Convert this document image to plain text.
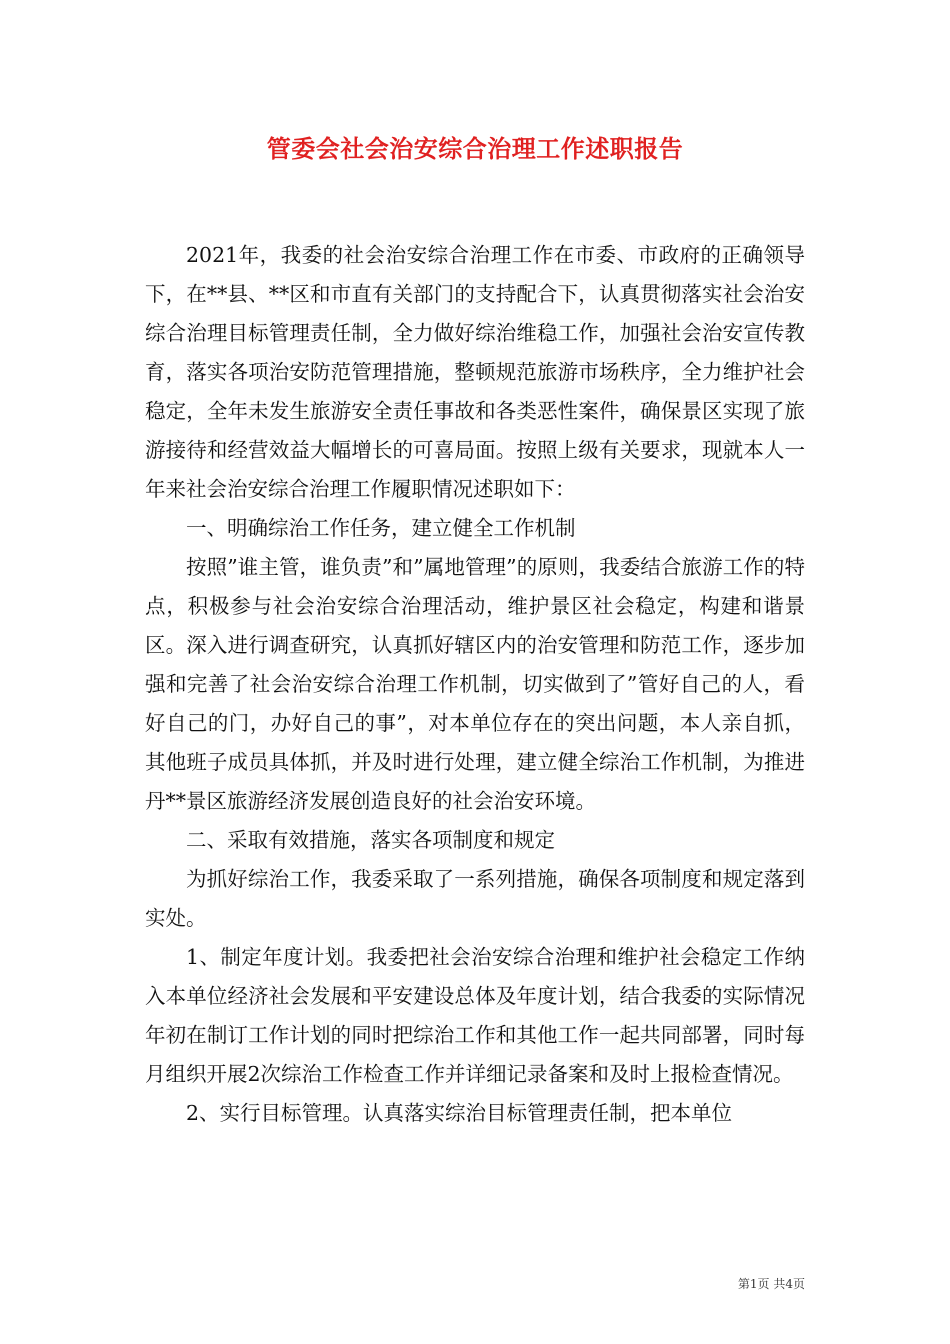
管委会社会治安综合治理工作述职报告

2021年，我委的社会治安综合治理工作在市委、市政府的正确领导下，在**县、**区和市直有关部门的支持配合下，认真贯彻落实社会治安综合治理目标管理责任制，全力做好综治维稳工作，加强社会治安宣传教育，落实各项治安防范管理措施，整顿规范旅游市场秩序，全力维护社会稳定，全年未发生旅游安全责任事故和各类恶性案件，确保景区实现了旅游接待和经营效益大幅增长的可喜局面。按照上级有关要求，现就本人一年来社会治安综合治理工作履职情况述职如下：

一、明确综治工作任务，建立健全工作机制

按照”谁主管，谁负责”和”属地管理”的原则，我委结合旅游工作的特点，积极参与社会治安综合治理活动，维护景区社会稳定，构建和谐景区。深入进行调查研究，认真抓好辖区内的治安管理和防范工作，逐步加强和完善了社会治安综合治理工作机制，切实做到了”管好自己的人，看好自己的门，办好自己的事”，对本单位存在的突出问题，本人亲自抓，其他班子成员具体抓，并及时进行处理，建立健全综治工作机制，为推进丹**景区旅游经济发展创造良好的社会治安环境。

二、采取有效措施，落实各项制度和规定

为抓好综治工作，我委采取了一系列措施，确保各项制度和规定落到实处。

1、制定年度计划。我委把社会治安综合治理和维护社会稳定工作纳入本单位经济社会发展和平安建设总体及年度计划，结合我委的实际情况年初在制订工作计划的同时把综治工作和其他工作一起共同部署，同时每月组织开展2次综治工作检查工作并详细记录备案和及时上报检查情况。

2、实行目标管理。认真落实综治目标管理责任制，把本单位

第1页 共4页
